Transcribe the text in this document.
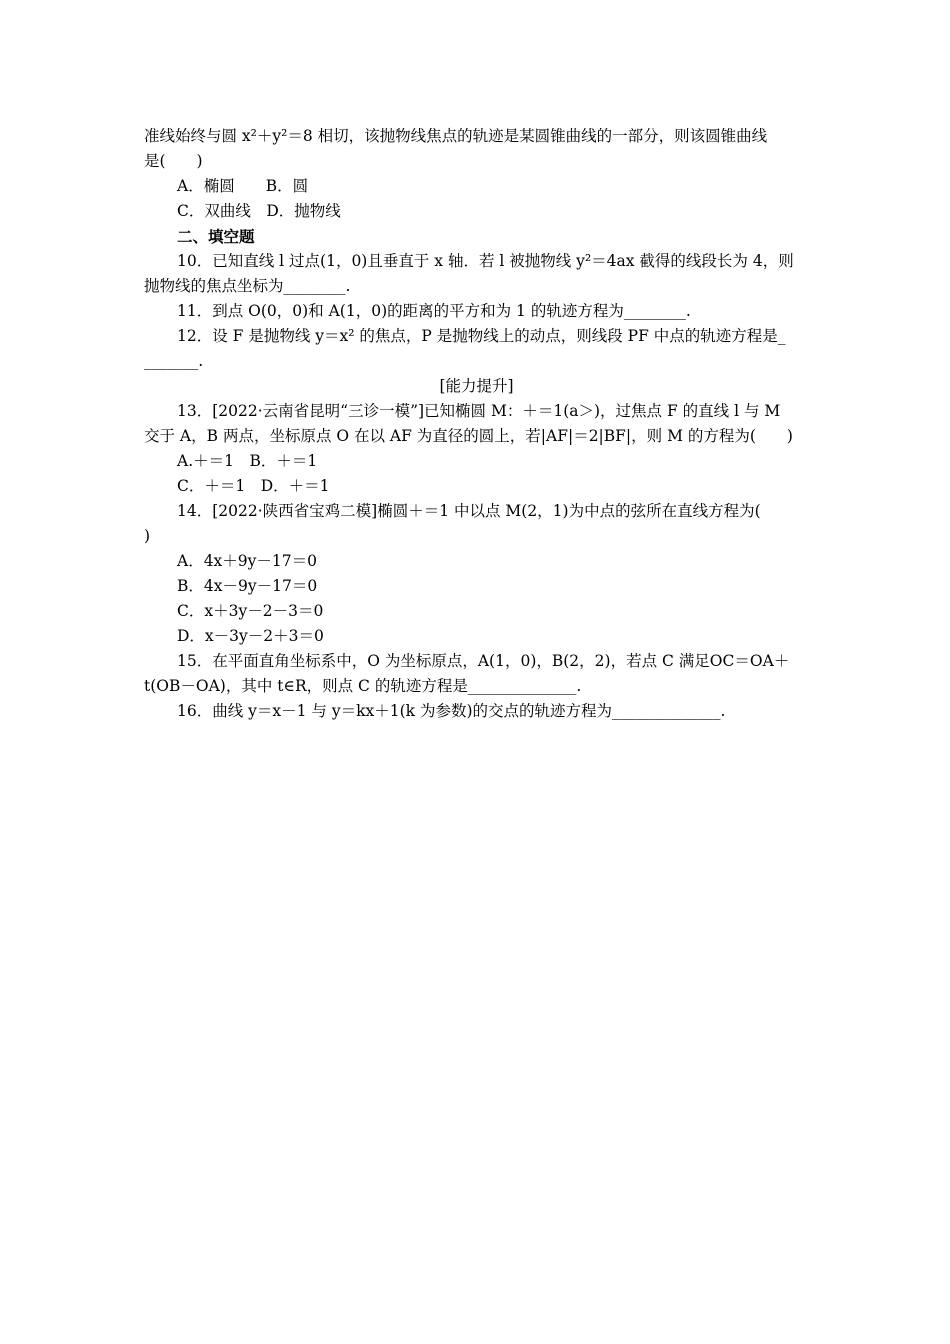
准线始终与圆 x²＋y²＝8 相切，该抛物线焦点的轨迹是某圆锥曲线的一部分，则该圆锥曲线
是(　　)
A．椭圆　　B．圆
C．双曲线　D．抛物线
二、填空题
10．已知直线 l 过点(1，0)且垂直于 x 轴．若 l 被抛物线 y²＝4ax 截得的线段长为 4，则
抛物线的焦点坐标为________.
11．到点 O(0，0)和 A(1，0)的距离的平方和为 1 的轨迹方程为________.
12．设 F 是抛物线 y＝x² 的焦点，P 是抛物线上的动点，则线段 PF 中点的轨迹方程是_
_______.
[能力提升]
13．[2022·云南省昆明“三诊一模”]已知椭圆 M：＋＝1(a＞)，过焦点 F 的直线 l 与 M
交于 A，B 两点，坐标原点 O 在以 AF 为直径的圆上，若|AF|＝2|BF|，则 M 的方程为(　　)
A.＋＝1　B．＋＝1
C．＋＝1　D．＋＝1
14．[2022·陕西省宝鸡二模]椭圆＋＝1 中以点 M(2，1)为中点的弦所在直线方程为(
)
A．4x＋9y－17＝0
B．4x－9y－17＝0
C．x＋3y－2－3＝0
D．x－3y－2＋3＝0
15．在平面直角坐标系中，O 为坐标原点，A(1，0)，B(2，2)，若点 C 满足OC＝OA＋
t(OB－OA)，其中 t∈R，则点 C 的轨迹方程是______________.
16．曲线 y＝x－1 与 y＝kx＋1(k 为参数)的交点的轨迹方程为______________.
